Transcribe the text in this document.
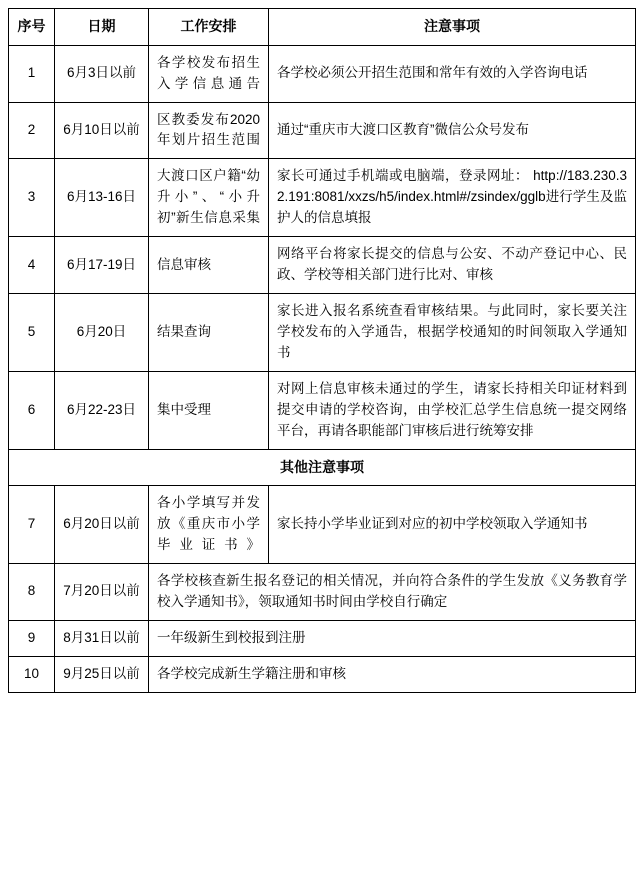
序号	日期	工作安排	注意事项
1	6月3日以前	各学校发布招生入学信息通告	各学校必须公开招生范围和常年有效的入学咨询电话
2	6月10日以前	区教委发布2020年划片招生范围	通过“重庆市大渡口区教育”微信公众号发布
3	6月13-16日	大渡口区户籍“幼升小”、“小升初”新生信息采集	家长可通过手机端或电脑端，登录网址： http://183.230.32.191:8081/xxzs/h5/index.html#/zsindex/gglb进行学生及监护人的信息填报
4	6月17-19日	信息审核	网络平台将家长提交的信息与公安、不动产登记中心、民政、学校等相关部门进行比对、审核
5	6月20日	结果查询	家长进入报名系统查看审核结果。与此同时，家长要关注学校发布的入学通告，根据学校通知的时间领取入学通知书
6	6月22-23日	集中受理	对网上信息审核未通过的学生，请家长持相关印证材料到提交申请的学校咨询，由学校汇总学生信息统一提交网络平台，再请各职能部门审核后进行统筹安排
其他注意事项			
7	6月20日以前	各小学填写并发放《重庆市小学毕业证书》	家长持小学毕业证到对应的初中学校领取入学通知书
8	7月20日以前	各学校核查新生报名登记的相关情况，并向符合条件的学生发放《义务教育学校入学通知书》，领取通知书时间由学校自行确定	
9	8月31日以前	一年级新生到校报到注册	
10	9月25日以前	各学校完成新生学籍注册和审核	
